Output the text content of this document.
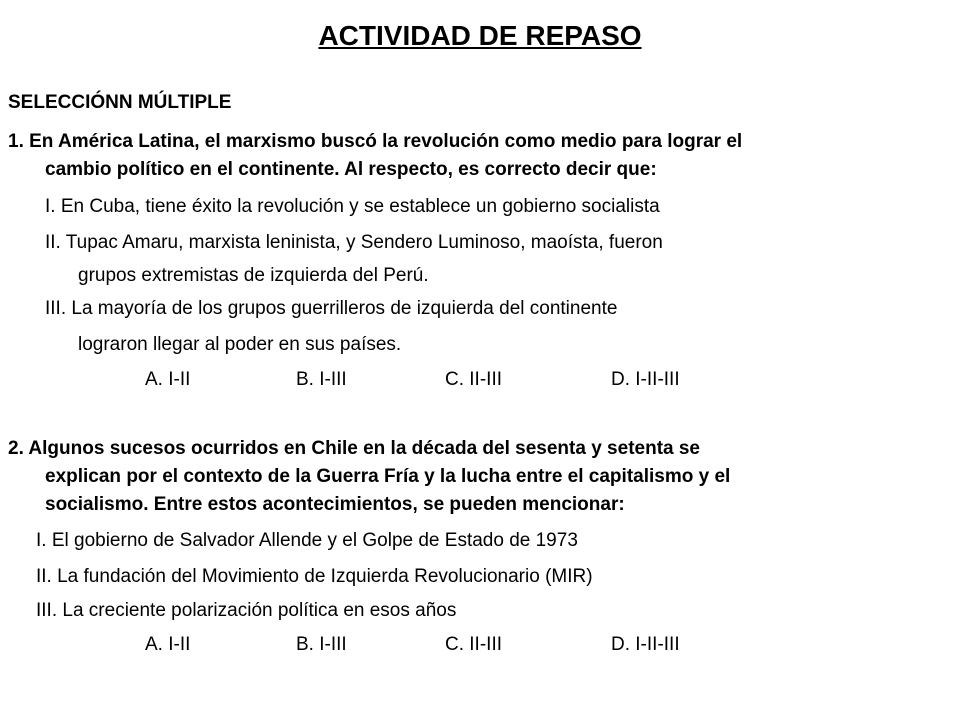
ACTIVIDAD DE REPASO
SELECCIÓNN MÚLTIPLE
1. En América Latina, el marxismo buscó la revolución como medio para lograr el
cambio político en el continente. Al respecto, es correcto decir que:
I. En Cuba, tiene éxito la revolución y se establece un gobierno socialista
II. Tupac Amaru, marxista leninista, y Sendero Luminoso, maoísta, fueron
grupos extremistas de izquierda del Perú.
III. La mayoría de los grupos guerrilleros de izquierda del continente
lograron llegar al poder en sus países.
A. I-II	B. I-III	C. II-III	D. I-II-III
2. Algunos sucesos ocurridos en Chile en la década del sesenta y setenta se
explican por el contexto de la Guerra Fría y la lucha entre el capitalismo y el
socialismo. Entre estos acontecimientos, se pueden mencionar:
I. El gobierno de Salvador Allende y el Golpe de Estado de 1973
II. La fundación del Movimiento de Izquierda Revolucionario (MIR)
III. La creciente polarización política en esos años
A. I-II	B. I-III	C. II-III	D. I-II-III
